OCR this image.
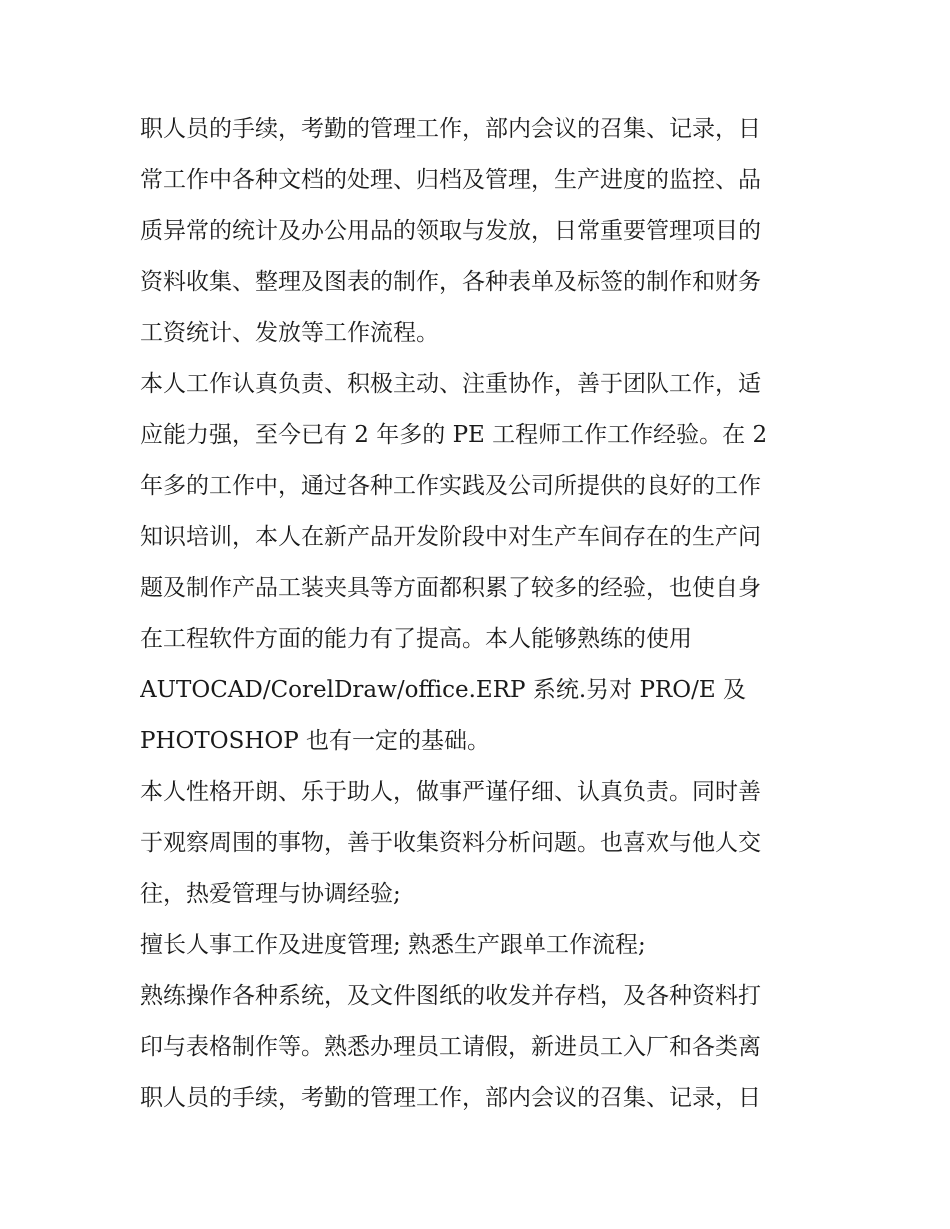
职人员的手续，考勤的管理工作，部内会议的召集、记录，日
常工作中各种文档的处理、归档及管理，生产进度的监控、品
质异常的统计及办公用品的领取与发放，日常重要管理项目的
资料收集、整理及图表的制作，各种表单及标签的制作和财务
工资统计、发放等工作流程。
本人工作认真负责、积极主动、注重协作，善于团队工作，适
应能力强，至今已有 2 年多的 PE 工程师工作工作经验。在 2
年多的工作中，通过各种工作实践及公司所提供的良好的工作
知识培训，本人在新产品开发阶段中对生产车间存在的生产问
题及制作产品工装夹具等方面都积累了较多的经验，也使自身
在工程软件方面的能力有了提高。本人能够熟练的使用
AUTOCAD/CorelDraw/office.ERP 系统.另对 PRO/E 及
PHOTOSHOP 也有一定的基础。
本人性格开朗、乐于助人，做事严谨仔细、认真负责。同时善
于观察周围的事物，善于收集资料分析问题。也喜欢与他人交
往，热爱管理与协调经验;
擅长人事工作及进度管理; 熟悉生产跟单工作流程;
熟练操作各种系统，及文件图纸的收发并存档，及各种资料打
印与表格制作等。熟悉办理员工请假，新进员工入厂和各类离
职人员的手续，考勤的管理工作，部内会议的召集、记录，日
